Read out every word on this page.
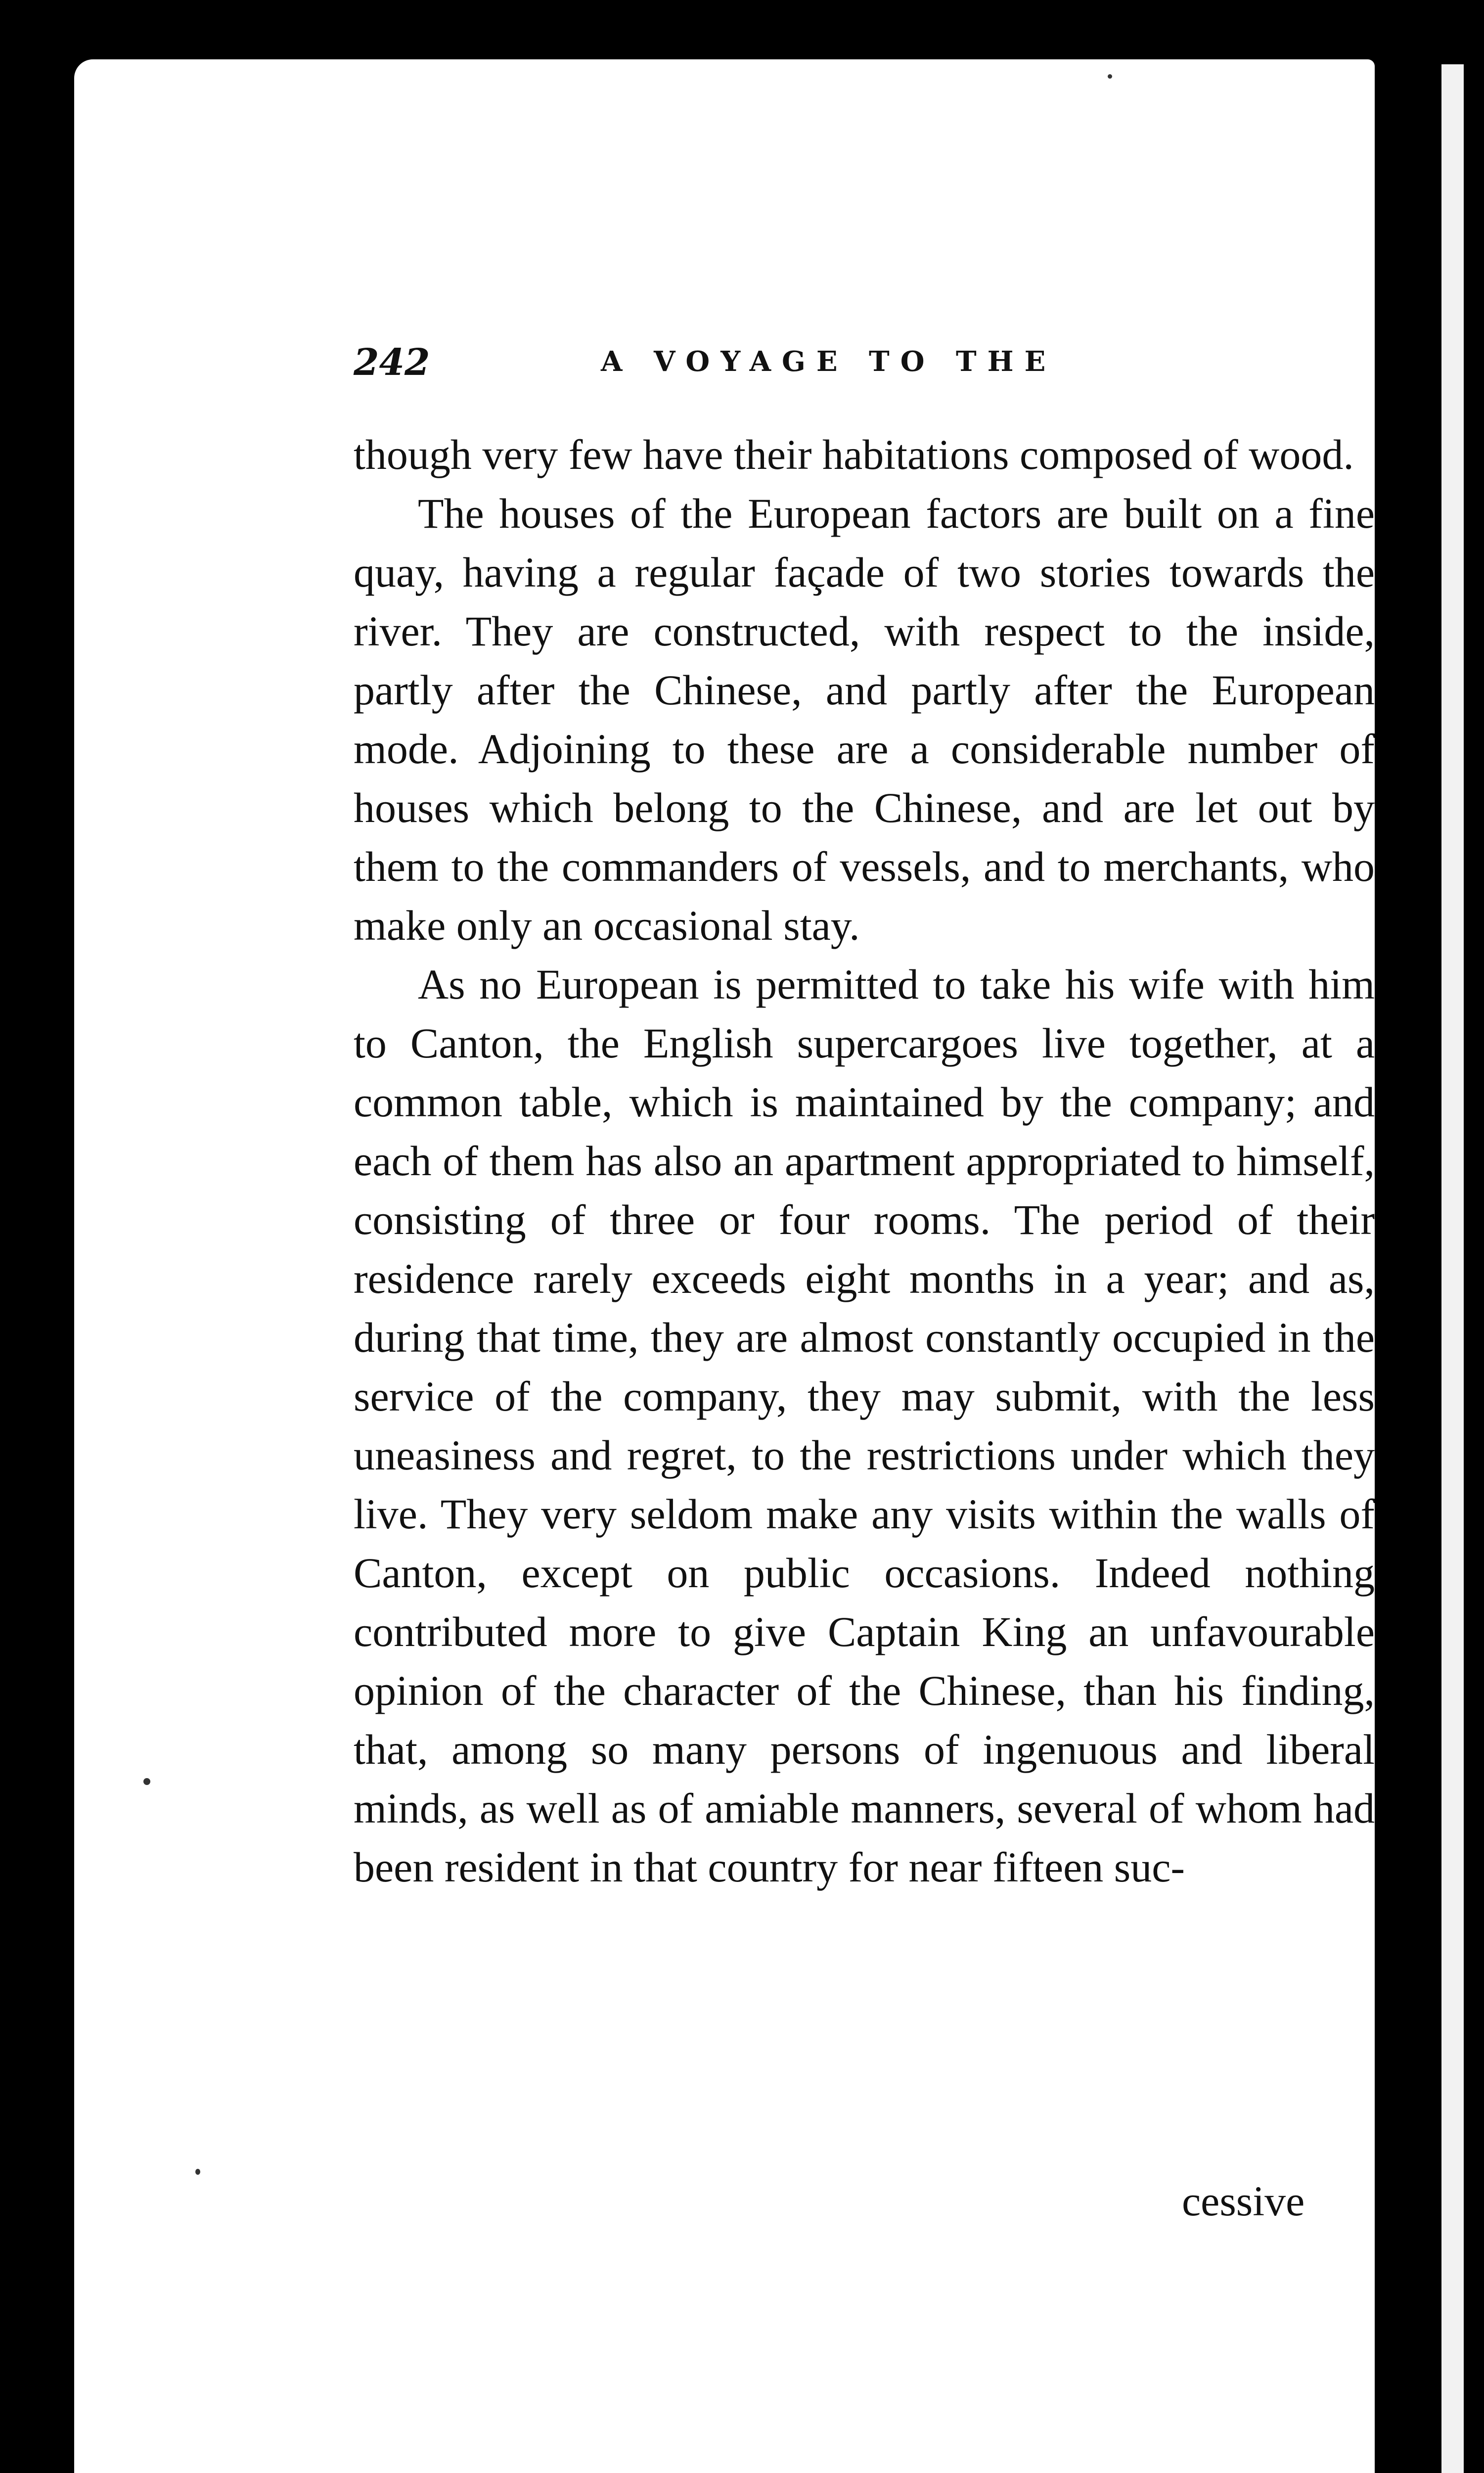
242	A VOYAGE TO THE

though very few have their habitations composed of wood.

The houses of the European factors are built on a fine quay, having a regular façade of two stories towards the river. They are constructed, with respect to the inside, partly after the Chinese, and partly after the European mode. Adjoining to these are a considerable number of houses which belong to the Chinese, and are let out by them to the commanders of vessels, and to merchants, who make only an occasional stay.

As no European is permitted to take his wife with him to Canton, the English supercargoes live together, at a common table, which is maintained by the company; and each of them has also an apartment appropriated to himself, consisting of three or four rooms. The period of their residence rarely exceeds eight months in a year; and as, during that time, they are almost constantly occupied in the service of the company, they may submit, with the less uneasiness and regret, to the restrictions under which they live. They very seldom make any visits within the walls of Canton, except on public occasions. Indeed nothing contributed more to give Captain King an unfavourable opinion of the character of the Chinese, than his finding, that, among so many persons of ingenuous and liberal minds, as well as of amiable manners, several of whom had been resident in that country for near fifteen suc-

cessive
